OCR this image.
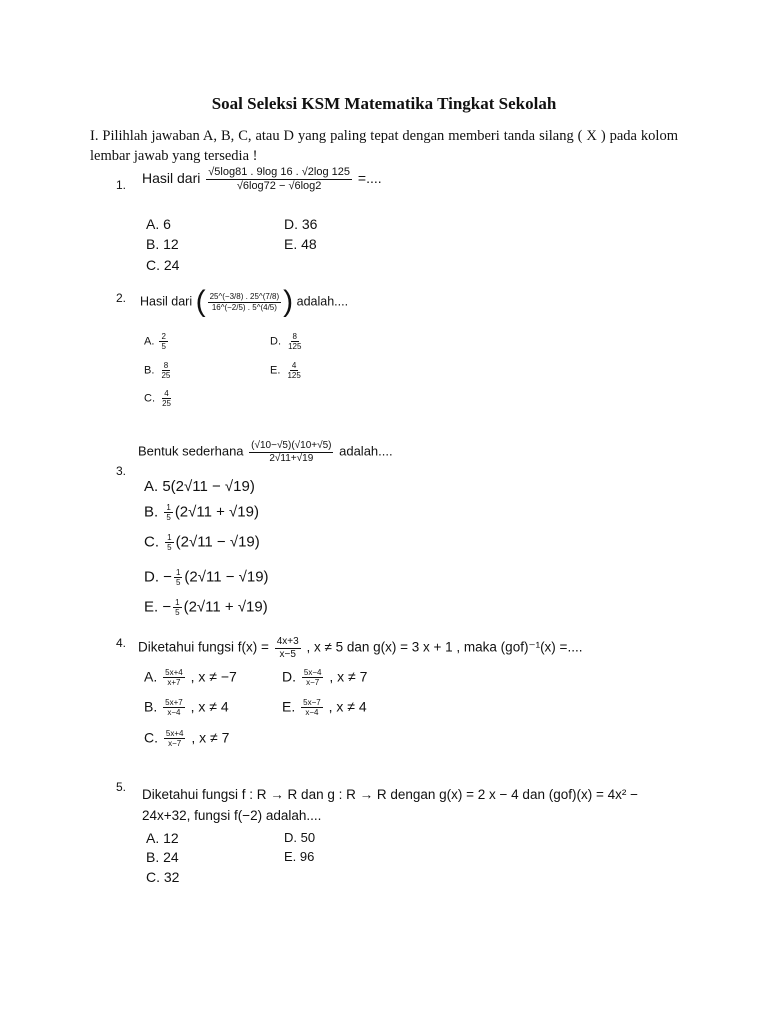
Soal Seleksi KSM Matematika Tingkat Sekolah
I. Pilihlah jawaban A, B, C, atau D yang paling tepat dengan memberi tanda silang ( X ) pada kolom lembar jawab yang tersedia !
1. Hasil dari $\frac{√5\log 81 . 9\log 16 . √2\log 125}{√6\log 72 - √6\log 2}$ =....
A. 6
B. 12
C. 24
D. 36
E. 48
2. Hasil dari ( $\frac{25\^{}(-3/8) . 25\^{}(7/8)}{16\^{}(-2/5) . 5\^{}(4/5)}$ ) adalah....
A. $\frac{2}{5}$
B. $\frac{8}{25}$
C. $\frac{4}{25}$
D. $\frac{8}{125}$
E. $\frac{4}{125}$
Bentuk sederhana $\frac{(√10-√5)(√10+√5)}{2√11+√19}$ adalah....
3.
A. 5(2√11 − √19)
B. $\frac{1}{5} (2√11 + √19)$
C. $\frac{1}{5} (2√11 - √19)$
D. − $\frac{1}{5} (2√11 - √19)$
E. − $\frac{1}{5} (2√11 + √19)$
4. Diketahui fungsi $f(x) = \frac{4x+3}{x-5}$ , x ≠ 5 dan g(x) = 3 x + 1 , maka (gof)⁻¹(x) =....
A. $\frac{5x+4}{x+7}$ , x ≠ −7
B. $\frac{5x+7}{x-4}$ , x ≠ 4
C. $\frac{5x+4}{x-7}$ , x ≠ 7
D. $\frac{5x-4}{x-7}$ , x ≠ 7
E. $\frac{5x-7}{x-4}$ , x ≠ 4
5. Diketahui fungsi f : R → R dan g : R → R dengan g(x) = 2 x − 4 dan (gof)(x) = 4x² −
24x+32, fungsi f(−2) adalah....
A. 12
B. 24
C. 32
D. 50
E. 96
